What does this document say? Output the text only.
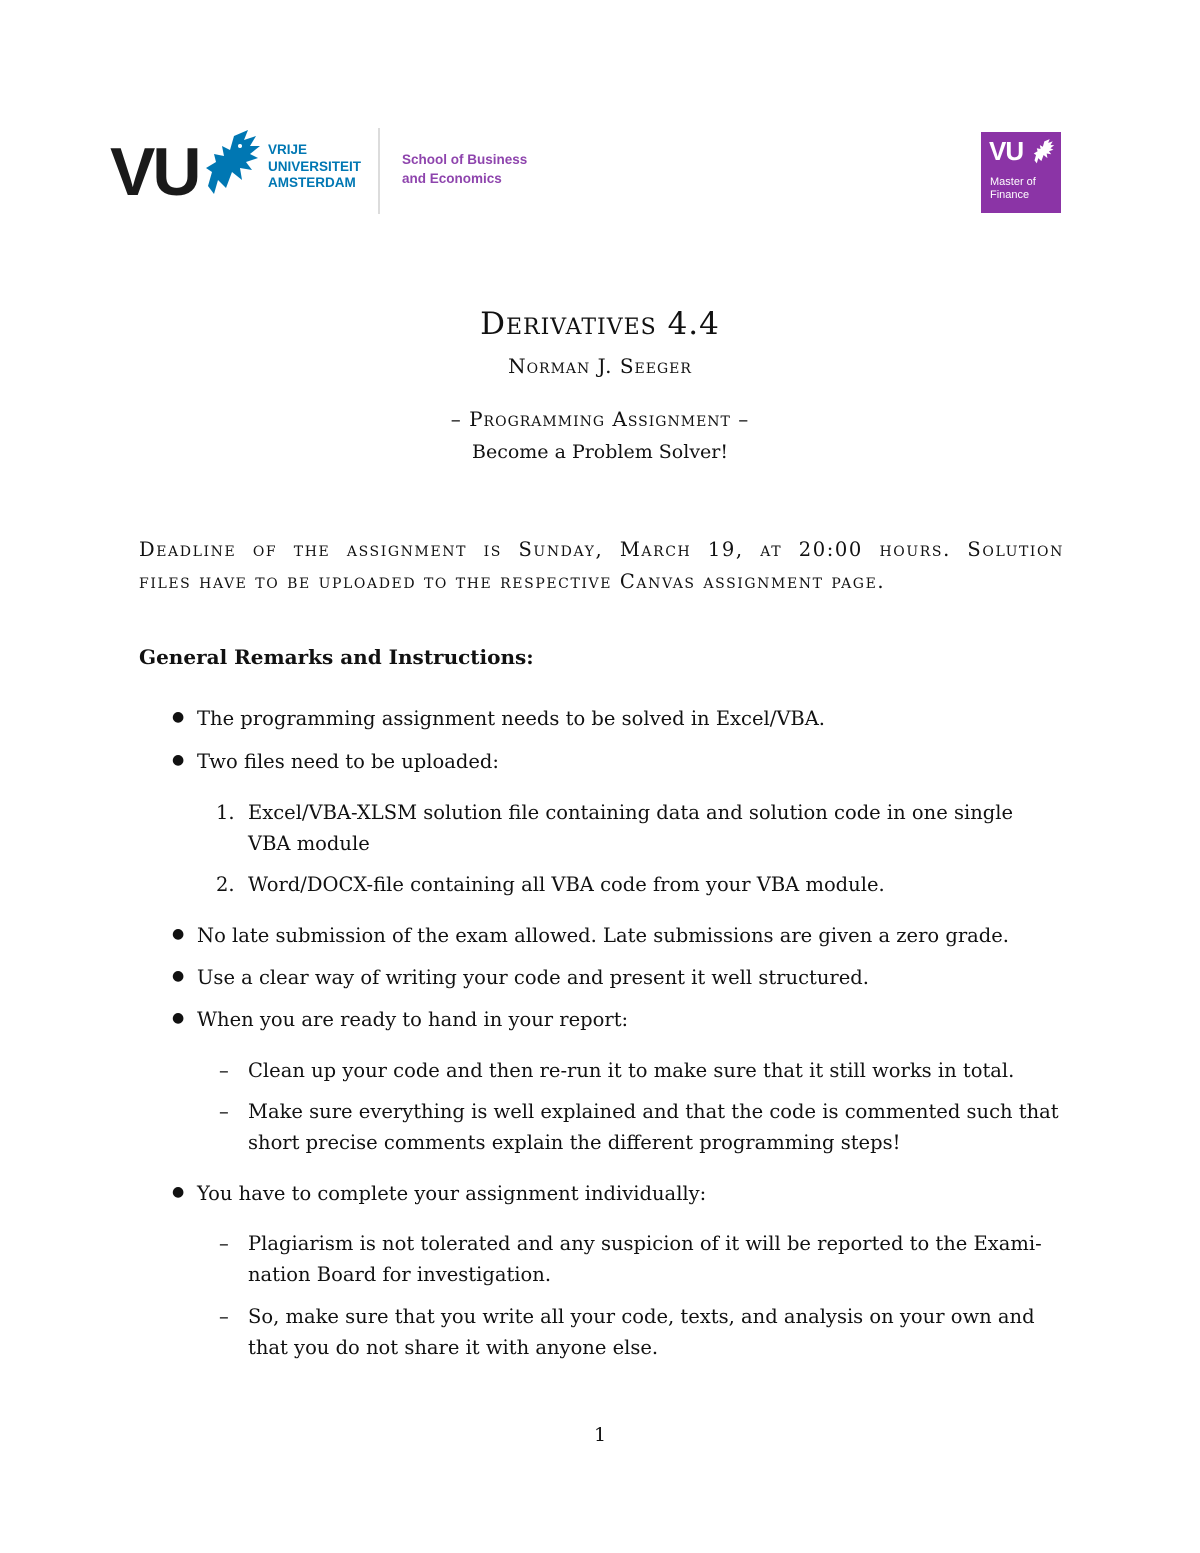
VU	VRIJE
UNIVERSITEIT
AMSTERDAM
School of Business
and Economics
VU
Master of
Finance
Derivatives 4.4
Norman J. Seeger
– Programming Assignment –
Become a Problem Solver!
Deadline of the assignment is Sunday, March 19, at 20:00 hours. Solution
files have to be uploaded to the respective Canvas assignment page.
General Remarks and Instructions:
●
The programming assignment needs to be solved in Excel/VBA.
●
Two files need to be uploaded:
1. Excel/VBA-XLSM solution file containing data and solution code in one single
VBA module
2. Word/DOCX-file containing all VBA code from your VBA module.
●
No late submission of the exam allowed. Late submissions are given a zero grade.
●
Use a clear way of writing your code and present it well structured.
●
When you are ready to hand in your report:
– Clean up your code and then re-run it to make sure that it still works in total.
– Make sure everything is well explained and that the code is commented such that
short precise comments explain the different programming steps!
●
You have to complete your assignment individually:
– Plagiarism is not tolerated and any suspicion of it will be reported to the Exami-
nation Board for investigation.
– So, make sure that you write all your code, texts, and analysis on your own and
that you do not share it with anyone else.
1
